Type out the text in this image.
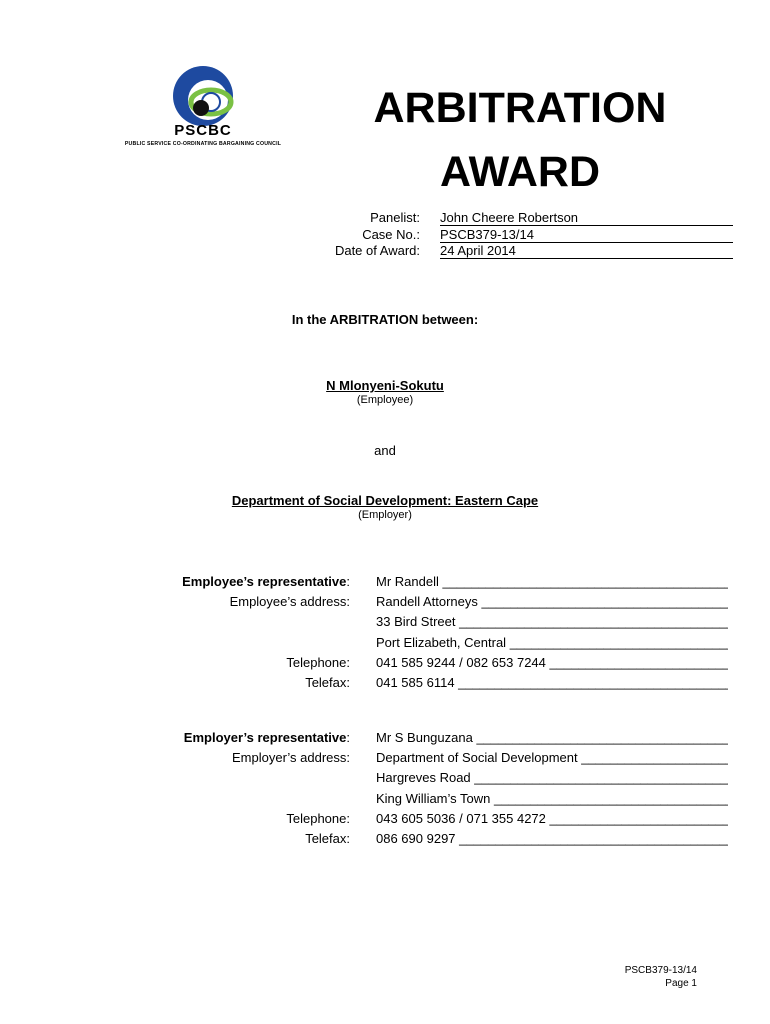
PSCBC
PUBLIC SERVICE CO-ORDINATING BARGAINING COUNCIL
ARBITRATION
AWARD
Panelist: John Cheere Robertson
Case No.: PSCB379-13/14
Date of Award: 24 April 2014
In the ARBITRATION between:
N Mlonyeni-Sokutu
(Employee)
and
Department of Social Development: Eastern Cape
(Employer)
Employee’s representative: Mr Randell _____
Employee’s address: Randell Attorneys _____
33 Bird Street _____
Port Elizabeth, Central _____
Telephone: 041 585 9244 / 082 653 7244 _____
Telefax: 041 585 6114 _____
Employer’s representative: Mr S Bunguzana _____
Employer’s address: Department of Social Development _____
Hargreves Road _____
King William’s Town _____
Telephone: 043 605 5036 / 071 355 4272 _____
Telefax: 086 690 9297 _____
PSCB379-13/14
Page 1
